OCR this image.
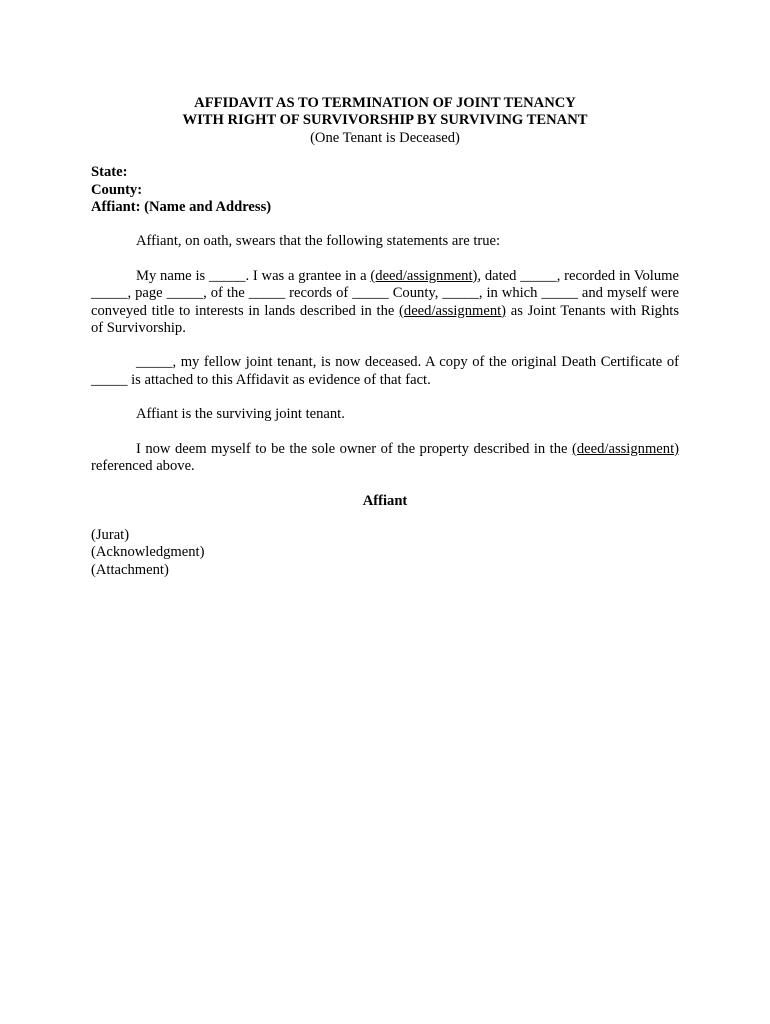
AFFIDAVIT AS TO TERMINATION OF JOINT TENANCY
WITH RIGHT OF SURVIVORSHIP BY SURVIVING TENANT
(One Tenant is Deceased)
State:
County:
Affiant: (Name and Address)

Affiant, on oath, swears that the following statements are true:

My name is _____. I was a grantee in a (deed/assignment), dated _____, recorded in Volume _____, page _____, of the _____ records of _____ County, _____, in which _____ and myself were conveyed title to interests in lands described in the (deed/assignment) as Joint Tenants with Rights of Survivorship.

_____, my fellow joint tenant, is now deceased. A copy of the original Death Certificate of _____ is attached to this Affidavit as evidence of that fact.

Affiant is the surviving joint tenant.

I now deem myself to be the sole owner of the property described in the (deed/assignment) referenced above.

Affiant
(Jurat)
(Acknowledgment)
(Attachment)
